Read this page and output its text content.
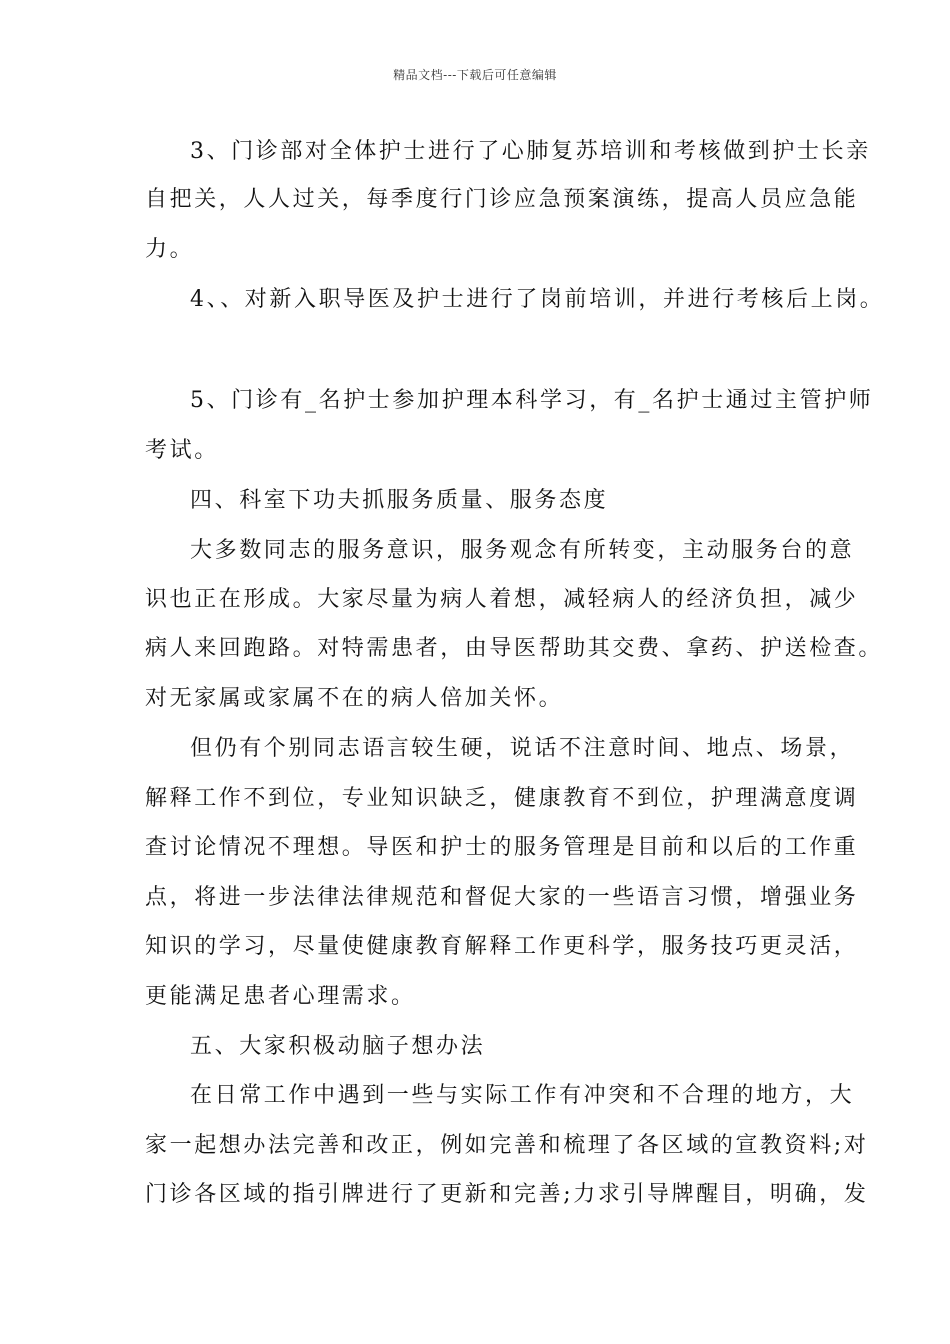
精品文档---下载后可任意编辑
3、门诊部对全体护士进行了心肺复苏培训和考核做到护士长亲
自把关，人人过关，每季度行门诊应急预案演练，提高人员应急能
力。
4、、对新入职导医及护士进行了岗前培训，并进行考核后上岗。
5、门诊有_名护士参加护理本科学习，有_名护士通过主管护师
考试。
四、科室下功夫抓服务质量、服务态度
大多数同志的服务意识，服务观念有所转变，主动服务台的意
识也正在形成。大家尽量为病人着想，减轻病人的经济负担，减少
病人来回跑路。对特需患者，由导医帮助其交费、拿药、护送检查。
对无家属或家属不在的病人倍加关怀。
但仍有个别同志语言较生硬，说话不注意时间、地点、场景，
解释工作不到位，专业知识缺乏，健康教育不到位，护理满意度调
查讨论情况不理想。导医和护士的服务管理是目前和以后的工作重
点，将进一步法律法律规范和督促大家的一些语言习惯，增强业务
知识的学习，尽量使健康教育解释工作更科学，服务技巧更灵活，
更能满足患者心理需求。
五、大家积极动脑子想办法
在日常工作中遇到一些与实际工作有冲突和不合理的地方，大
家一起想办法完善和改正，例如完善和梳理了各区域的宣教资料;对
门诊各区域的指引牌进行了更新和完善;力求引导牌醒目，明确，发
